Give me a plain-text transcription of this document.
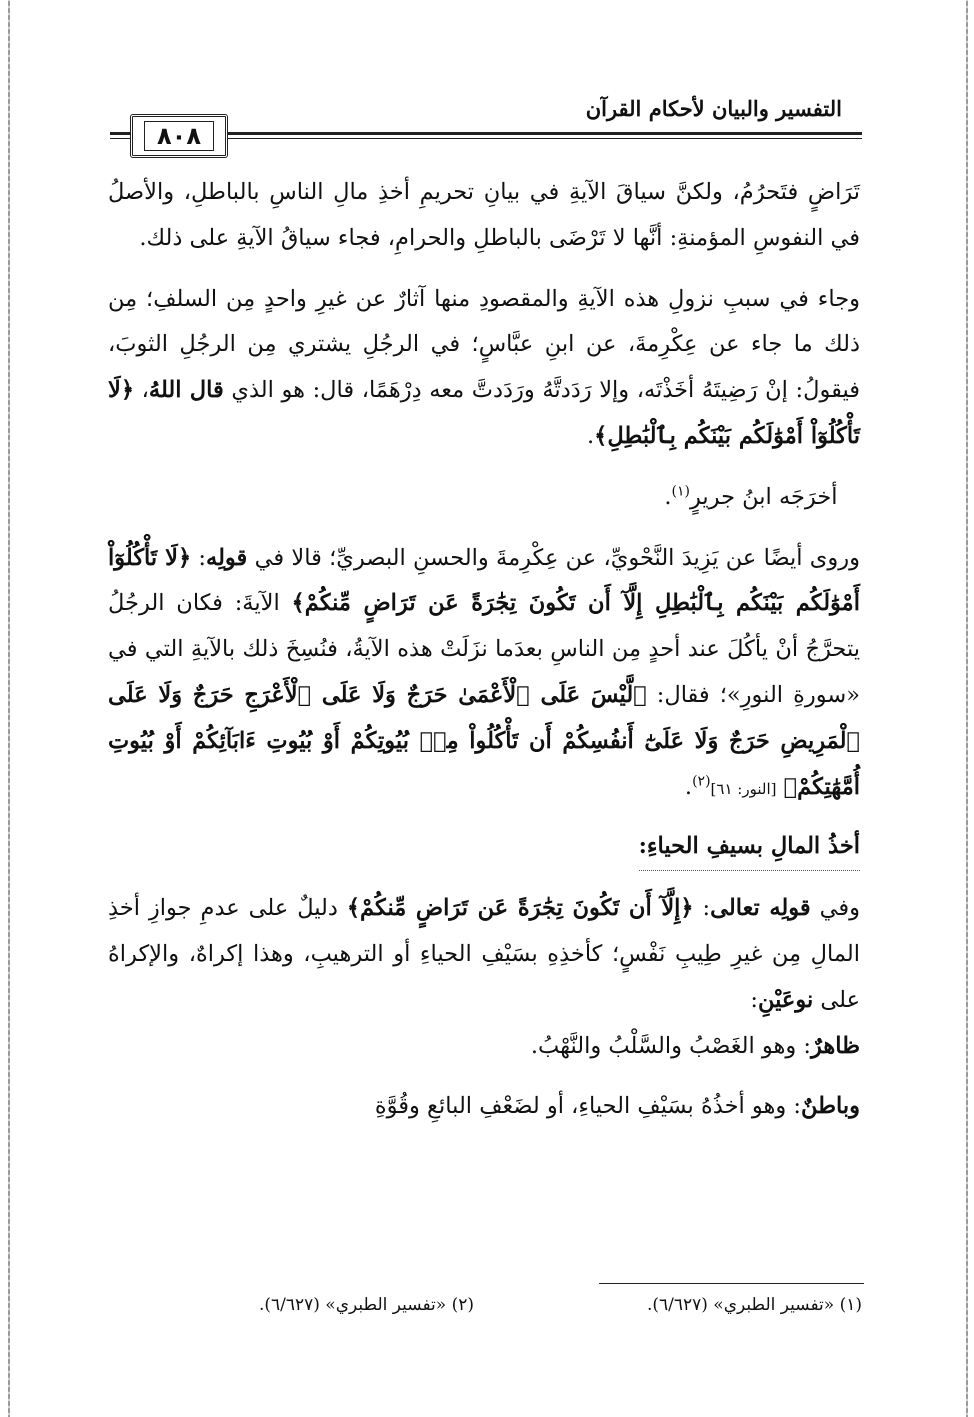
التفسير والبيان لأحكام القرآن
٨٠٨

تَرَاضٍ فتَحرُمُ، ولكنَّ سياقَ الآيةِ في بيانِ تحريمِ أخذِ مالِ الناسِ بالباطلِ، والأصلُ في النفوسِ المؤمنةِ: أنَّها لا تَرْضَى بالباطلِ والحرامِ، فجاء سياقُ الآيةِ على ذلك.

وجاء في سببِ نزولِ هذه الآيةِ والمقصودِ منها آثارٌ عن غيرِ واحدٍ مِن السلفِ؛ مِن ذلك ما جاء عن عِكْرِمةَ، عن ابنِ عبَّاسٍ؛ في الرجُلِ يشتري مِن الرجُلِ الثوبَ، فيقولُ: إنْ رَضِيتَهُ أخَذْتَه، وإلا رَدَدتَّهُ ورَدَدتَّ معه دِرْهَمًا، قال: هو الذي قال اللهُ، ﴿لَا تَأْكُلُوٓاْ أَمْوَٰلَكُم بَيْنَكُم بِٱلْبَٰطِلِ﴾.

 أخرَجَه ابنُ جريرٍ$^{(١)}$.

وروى أيضًا عن يَزِيدَ النَّحْويِّ، عن عِكْرِمةَ والحسنِ البصريِّ؛ قالا في قولِه: ﴿لَا تَأْكُلُوٓاْ أَمْوَٰلَكُم بَيْنَكُم بِٱلْبَٰطِلِ إِلَّآ أَن تَكُونَ تِجَٰرَةً عَن تَرَاضٍ مِّنكُمْ﴾ الآيةَ: فكان الرجُلُ يتحرَّجُ أنْ يأكُلَ عند أحدٍ مِن الناسِ بعدَما نزَلَتْ هذه الآيةُ، فنُسِخَ ذلك بالآيةِ التي في «سورةِ النورِ»؛ فقال: ﴿لَّيْسَ عَلَى ٱلْأَعْمَىٰ حَرَجٌ وَلَا عَلَى ٱلْأَعْرَجِ حَرَجٌ وَلَا عَلَى ٱلْمَرِيضِ حَرَجٌ وَلَا عَلَىٰٓ أَنفُسِكُمْ أَن تَأْكُلُواْ مِنۢ بُيُوتِكُمْ أَوْ بُيُوتِ ءَابَآئِكُمْ أَوْ بُيُوتِ أُمَّهَٰتِكُمْ﴾ [النور: ٦١]$^{(٢)}$.

أخذُ المالِ بسيفِ الحياءِ:

وفي قولِه تعالى: ﴿إِلَّآ أَن تَكُونَ تِجَٰرَةً عَن تَرَاضٍ مِّنكُمْ﴾ دليلٌ على عدمِ جوازِ أخذِ المالِ مِن غيرِ طِيبِ نَفْسٍ؛ كأخذِهِ بسَيْفِ الحياءِ أو الترهيبِ، وهذا إكراهٌ، والإكراهُ على نوعَيْنِ:

ظاهرٌ: وهو الغَصْبُ والسَّلْبُ والنَّهْبُ.

وباطنٌ: وهو أخذُهُ بسَيْفِ الحياءِ، أو لضَعْفِ البائعِ وقُوَّةِ

(١) «تفسير الطبري» (٦/٦٢٧).
(٢) «تفسير الطبري» (٦/٦٢٧).
